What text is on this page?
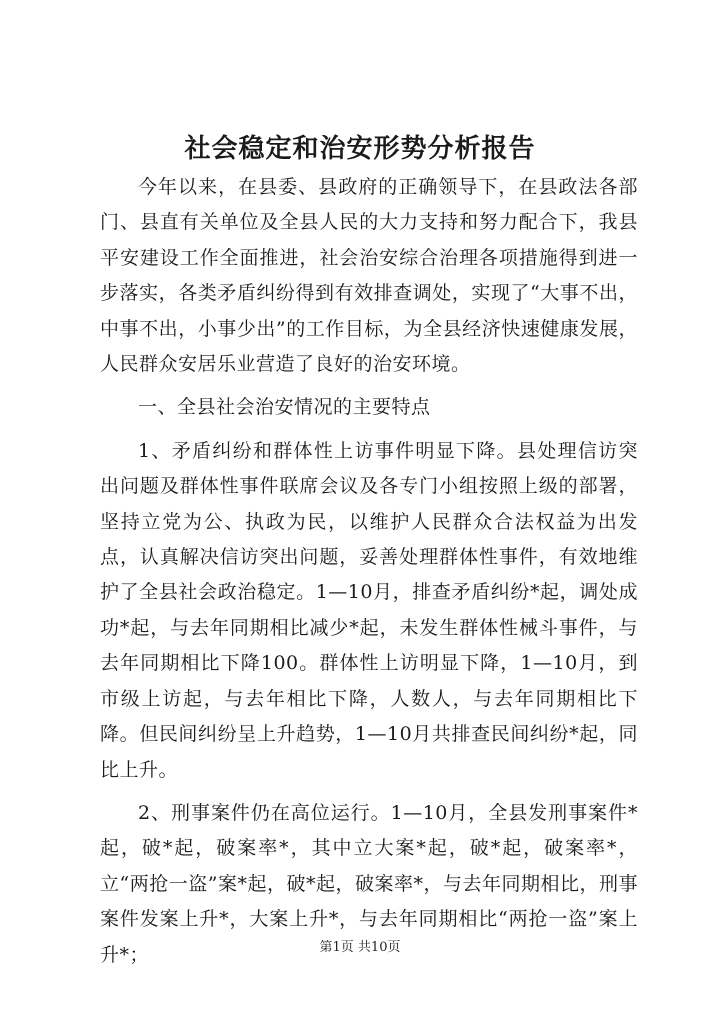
社会稳定和治安形势分析报告

今年以来，在县委、县政府的正确领导下，在县政法各部门、县直有关单位及全县人民的大力支持和努力配合下，我县平安建设工作全面推进，社会治安综合治理各项措施得到进一步落实，各类矛盾纠纷得到有效排查调处，实现了“大事不出，中事不出，小事少出”的工作目标，为全县经济快速健康发展，人民群众安居乐业营造了良好的治安环境。

一、全县社会治安情况的主要特点

1、矛盾纠纷和群体性上访事件明显下降。县处理信访突出问题及群体性事件联席会议及各专门小组按照上级的部署，坚持立党为公、执政为民，以维护人民群众合法权益为出发点，认真解决信访突出问题，妥善处理群体性事件，有效地维护了全县社会政治稳定。1—10月，排查矛盾纠纷*起，调处成功*起，与去年同期相比减少*起，未发生群体性械斗事件，与去年同期相比下降100。群体性上访明显下降，1—10月，到市级上访起，与去年相比下降，人数人，与去年同期相比下降。但民间纠纷呈上升趋势，1—10月共排查民间纠纷*起，同比上升。

2、刑事案件仍在高位运行。1—10月，全县发刑事案件*起，破*起，破案率*，其中立大案*起，破*起，破案率*，立“两抢一盗”案*起，破*起，破案率*，与去年同期相比，刑事案件发案上升*，大案上升*，与去年同期相比“两抢一盗”案上升*；	第1页 共10页
